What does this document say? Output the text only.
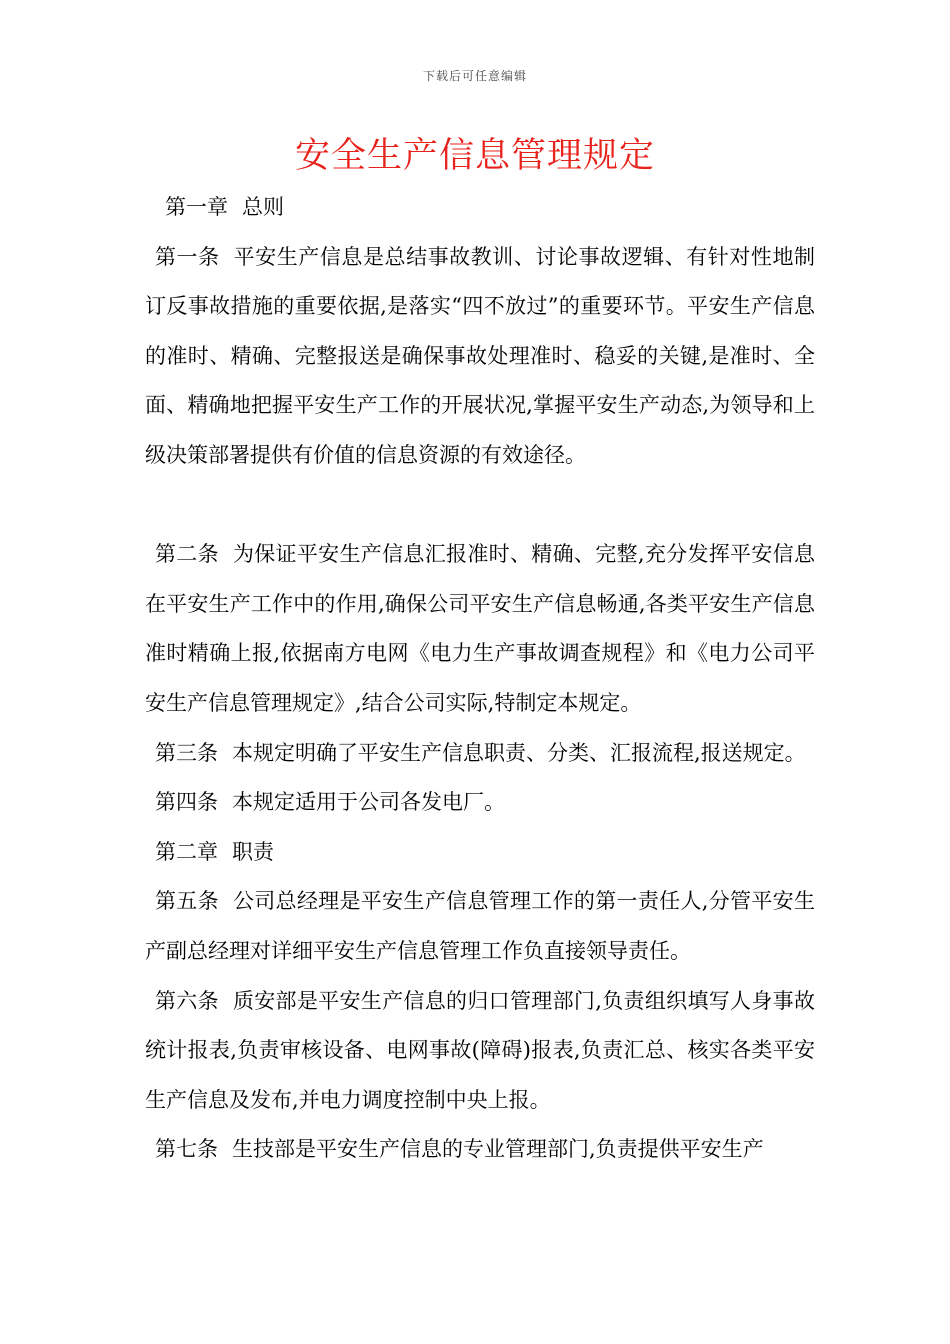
下载后可任意编辑
安全生产信息管理规定

第一章 总则

第一条 平安生产信息是总结事故教训、讨论事故逻辑、有针对性地制订反事故措施的重要依据,是落实“四不放过”的重要环节。平安生产信息的准时、精确、完整报送是确保事故处理准时、稳妥的关键,是准时、全面、精确地把握平安生产工作的开展状况,掌握平安生产动态,为领导和上级决策部署提供有价值的信息资源的有效途径。

第二条 为保证平安生产信息汇报准时、精确、完整,充分发挥平安信息在平安生产工作中的作用,确保公司平安生产信息畅通,各类平安生产信息准时精确上报,依据南方电网《电力生产事故调查规程》和《电力公司平安生产信息管理规定》,结合公司实际,特制定本规定。

第三条 本规定明确了平安生产信息职责、分类、汇报流程,报送规定。

第四条 本规定适用于公司各发电厂。

第二章 职责

第五条 公司总经理是平安生产信息管理工作的第一责任人,分管平安生产副总经理对详细平安生产信息管理工作负直接领导责任。

第六条 质安部是平安生产信息的归口管理部门,负责组织填写人身事故统计报表,负责审核设备、电网事故(障碍)报表,负责汇总、核实各类平安生产信息及发布,并电力调度控制中央上报。

第七条 生技部是平安生产信息的专业管理部门,负责提供平安生产
